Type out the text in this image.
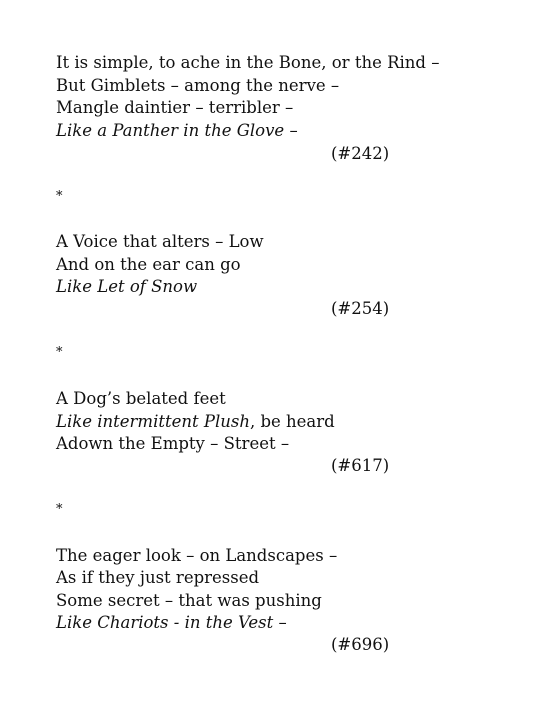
It is simple, to ache in the Bone, or the Rind –
But Gimblets – among the nerve –
Mangle daintier – terribler –
Like a Panther in the Glove –
(#242)
*
A Voice that alters – Low
And on the ear can go
Like Let of Snow
(#254)
*
A Dog’s belated feet
Like intermittent Plush, be heard
Adown the Empty – Street –
(#617)
*
The eager look – on Landscapes –
As if they just repressed
Some secret – that was pushing
Like Chariots - in the Vest –
(#696)
